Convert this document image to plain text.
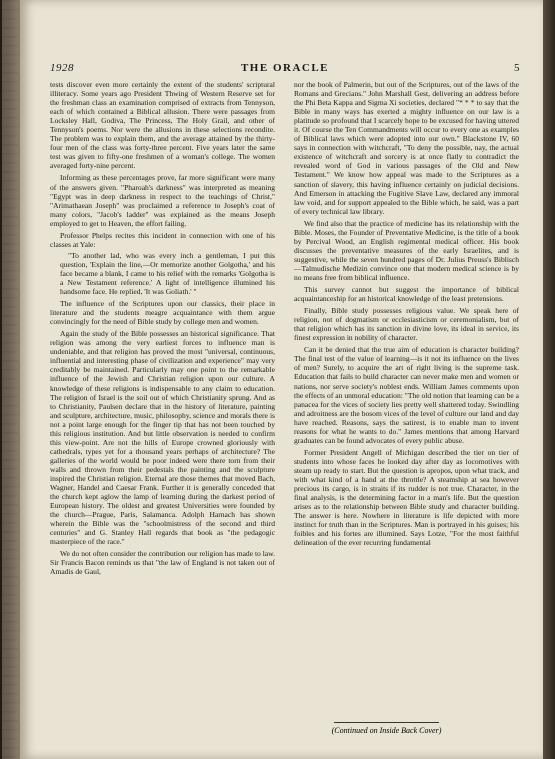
1928	THE ORACLE	5

tests discover even more certainly the extent of the students' scriptural illiteracy. Some years ago President Thwing of Western Reserve set for the freshman class an examination comprised of extracts from Tennyson, each of which contained a Biblical allusion. There were passages from Locksley Hall, Godiva, The Princess, The Holy Grail, and other of Tennyson's poems. Nor were the allusions in these selections recondite. The problem was to explain them, and the average attained by the thirty-four men of the class was forty-three percent. Five years later the same test was given to fifty-one freshmen of a woman's college. The women averaged forty-nine percent.

Informing as these percentages prove, far more significant were many of the answers given. "Pharoah's darkness" was interpreted as meaning "Egypt was in deep darkness in respect to the teachings of Christ," "Arimathaean Joseph" was proclaimed a reference to Joseph's coat of many colors, "Jacob's ladder" was explained as the means Joseph employed to get to Heaven, the effort failing.

Professor Phelps recites this incident in connection with one of his classes at Yale:

"To another lad, who was every inch a gentleman, I put this question, 'Explain the line,—Or memorize another Golgotha,' and his face became a blank, I came to his relief with the remarks 'Golgotha is a New Testament reference.' A light of intelligence illumined his handsome face. He replied, 'It was Goliath.' "

The influence of the Scriptures upon our classics, their place in literature and the students meagre acquaintance with them argue convincingly for the need of Bible study by college men and women.

Again the study of the Bible possesses an historical significance. That religion was among the very earliest forces to influence man is undeniable, and that religion has proved the most "universal, continuous, influential and interesting phase of civilization and experience" may very creditably be maintained. Particularly may one point to the remarkable influence of the Jewish and Christian religion upon our culture. A knowledge of these religions is indispensable to any claim to education. The religion of Israel is the soil out of which Christianity sprung. And as to Christianity, Paulsen declare that in the history of literature, painting and sculpture, architecture, music, philosophy, science and morals there is not a point large enough for the finger tip that has not been touched by this religious institution. And but little observation is needed to confirm this view-point. Are not the hills of Europe crowned gloriously with cathedrals, types yet for a thousand years perhaps of architecture? The galleries of the world would be poor indeed were there torn from their walls and thrown from their pedestals the painting and the sculpture inspired the Christian religion. Eternal are those themes that moved Bach, Wagner, Handel and Caesar Frank. Further it is generally conceded that the church kept aglow the lamp of learning during the darkest period of European history. The oldest and greatest Universities were founded by the church—Prague, Paris, Salamanca. Adolph Harnach has shown wherein the Bible was the "schoolmistress of the second and third centuries" and G. Stanley Hall regards that book as "the pedagogic masterpiece of the race."

We do not often consider the contribution our religion has made to law. Sir Francis Bacon reminds us that "the law of England is not taken out of Amadis de Gaul,

nor the book of Palmerin, but out of the Scriptures, out of the laws of the Romans and Grecians." John Marshall Gest, delivering an address before the Phi Beta Kappa and Sigma Xi societies, declared "* * * to say that the Bible in many ways has exerted a mighty influence on our law is a platitude so profound that I scarcely hope to be excused for having uttered it. Of course the Ten Commandments will occur to every one as examples of Biblical laws which were adopted into our own." Blackstone IV, 60 says in connection with witchcraft, "To deny the possible, nay, the actual existence of witchcraft and sorcery is at once flatly to contradict the revealed word of God in various passages of the Old and New Testament." We know how appeal was made to the Scriptures as a sanction of slavery, this having influence certainly on judicial decisions. And Emerson in attacking the Fugitive Slave Law, declared any immoral law void, and for support appealed to the Bible which, he said, was a part of every technical law library.

We find also that the practice of medicine has its relationship with the Bible. Moses, the Founder of Preventative Medicine, is the title of a book by Percival Wood, an English regimental medical officer. His book discusses the preventative measures of the early Israelites, and is suggestive, while the seven hundred pages of Dr. Julius Preuss's Biblisch—Talmudische Medizin convince one that modern medical science is by no means free from biblical influence.

This survey cannot but suggest the importance of biblical acquaintanceship for an historical knowledge of the least pretensions.

Finally, Bible study possesses religious value. We speak here of religion, not of dogmatism or ecclesiasticism or ceremonialism, but of that religion which has its sanction in divine love, its ideal in service, its finest expression in nobility of character.

Can it be denied that the true aim of education is character building? The final test of the value of learning—is it not its influence on the lives of men? Surely, to acquire the art of right living is the supreme task. Education that fails to build character can never make men and women or nations, nor serve society's noblest ends. William James comments upon the effects of an unmoral education: "The old notion that learning can be a panacea for the vices of society lies pretty well shattered today. Swindling and adroitness are the bosom vices of the level of culture our land and day have reached. Reasons, says the satirest, is to enable man to invent reasons for what he wants to do." James mentions that among Harvard graduates can be found advocates of every public abuse.

Former President Angell of Michigan described the tier on tier of students into whose faces he looked day after day as locomotives with steam up ready to start. But the question is apropos, upon what track, and with what kind of a hand at the throttle? A steamship at sea however precious its cargo, is in straits if its rudder is not true. Character, in the final analysis, is the determining factor in a man's life. But the question arises as to the relationship between Bible study and character building. The answer is here. Nowhere in literature is life depicted with more instinct for truth than in the Scriptures. Man is portrayed in his guises; his foibles and his fortes are illumined. Says Lotze, "For the most faithful delineation of the ever recurring fundamental

(Continued on Inside Back Cover)
